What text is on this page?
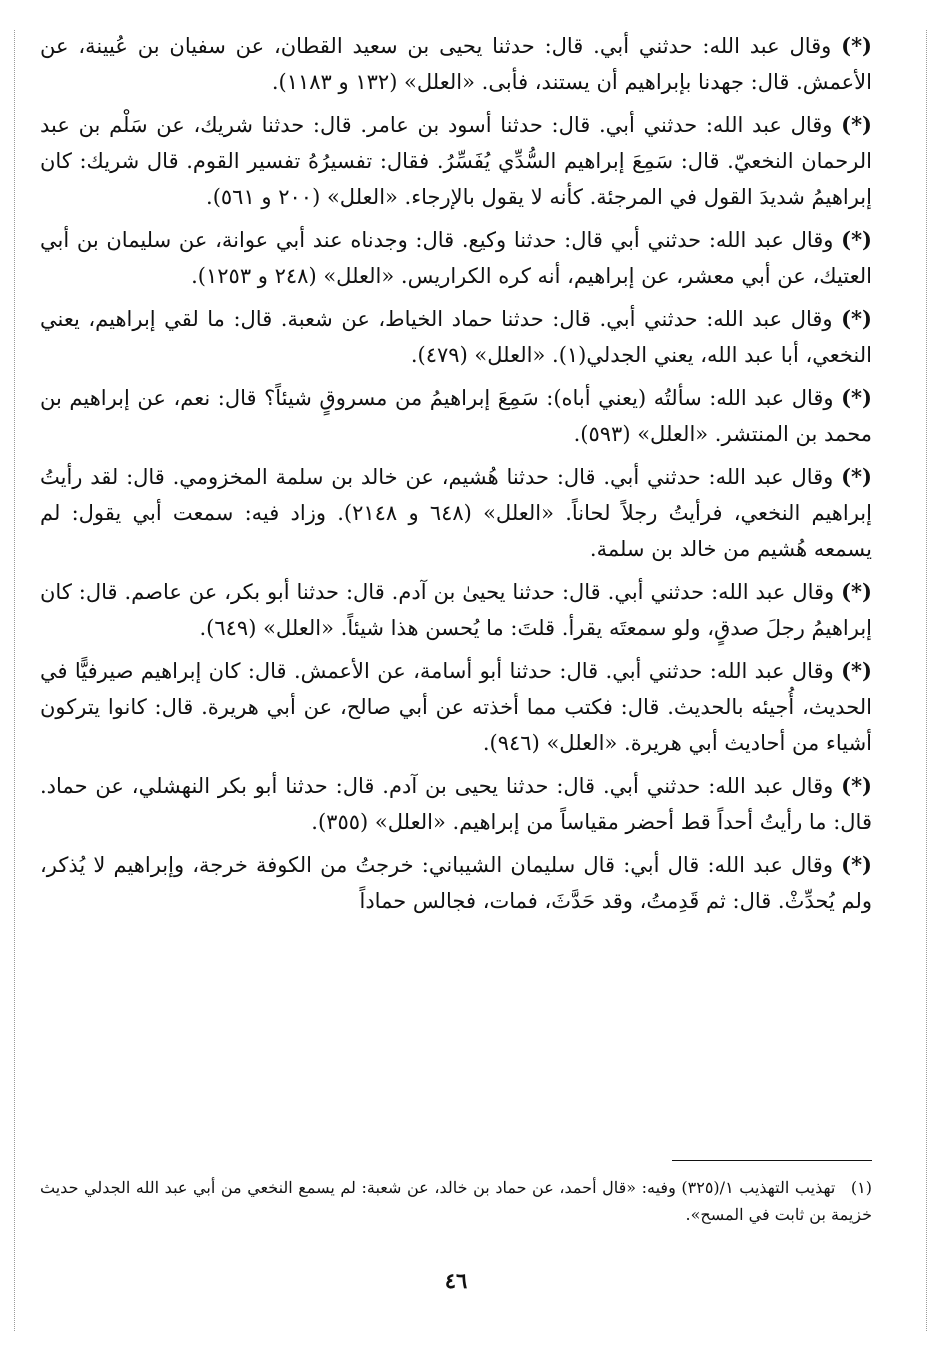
(*) وقال عبد الله: حدثني أبي. قال: حدثنا يحيى بن سعيد القطان، عن سفيان بن عُيينة، عن الأعمش. قال: جهدنا بإبراهيم أن يستند، فأبى. «العلل» (١٣٢ و ١١٨٣).

(*) وقال عبد الله: حدثني أبي. قال: حدثنا أسود بن عامر. قال: حدثنا شريك، عن سَلْم بن عبد الرحمان النخعيّ. قال: سَمِعَ إبراهيم السُّدِّي يُفَسِّرُ. فقال: تفسيرُهُ تفسير القوم. قال شريك: كان إبراهيمُ شديدَ القول في المرجئة. كأنه لا يقول بالإرجاء. «العلل» (٢٠٠ و ٥٦١).

(*) وقال عبد الله: حدثني أبي قال: حدثنا وكيع. قال: وجدناه عند أبي عوانة، عن سليمان بن أبي العتيك، عن أبي معشر، عن إبراهيم، أنه كره الكراريس. «العلل» (٢٤٨ و ١٢٥٣).

(*) وقال عبد الله: حدثني أبي. قال: حدثنا حماد الخياط، عن شعبة. قال: ما لقي إبراهيم، يعني النخعي، أبا عبد الله، يعني الجدلي(١). «العلل» (٤٧٩).

(*) وقال عبد الله: سألتُه (يعني أباه): سَمِعَ إبراهيمُ من مسروقٍ شيئاً؟ قال: نعم، عن إبراهيم بن محمد بن المنتشر. «العلل» (٥٩٣).

(*) وقال عبد الله: حدثني أبي. قال: حدثنا هُشيم، عن خالد بن سلمة المخزومي. قال: لقد رأيتُ إبراهيم النخعي، فرأيتُ رجلاً لحاناً. «العلل» (٦٤٨ و ٢١٤٨). وزاد فيه: سمعت أبي يقول: لم يسمعه هُشيم من خالد بن سلمة.

(*) وقال عبد الله: حدثني أبي. قال: حدثنا يحيىٰ بن آدم. قال: حدثنا أبو بكر، عن عاصم. قال: كان إبراهيمُ رجلَ صدقٍ، ولو سمعتَه يقرأ. قلتَ: ما يُحسن هذا شيئاً. «العلل» (٦٤٩).

(*) وقال عبد الله: حدثني أبي. قال: حدثنا أبو أسامة، عن الأعمش. قال: كان إبراهيم صيرفيًّا في الحديث، أُجيئه بالحديث. قال: فكتب مما أخذته عن أبي صالح، عن أبي هريرة. قال: كانوا يتركون أشياء من أحاديث أبي هريرة. «العلل» (٩٤٦).

(*) وقال عبد الله: حدثني أبي. قال: حدثنا يحيى بن آدم. قال: حدثنا أبو بكر النهشلي، عن حماد. قال: ما رأيتُ أحداً قط أحضر مقياساً من إبراهيم. «العلل» (٣٥٥).

(*) وقال عبد الله: قال أبي: قال سليمان الشيباني: خرجتُ من الكوفة خرجة، وإبراهيم لا يُذكر، ولم يُحدِّثْ. قال: ثم قَدِمتُ، وقد حَدَّثَ، فمات، فجالس حماداً

(١) تهذيب التهذيب ١/(٣٢٥) وفيه: «قال أحمد، عن حماد بن خالد، عن شعبة: لم يسمع النخعي من أبي عبد الله الجدلي حديث خزيمة بن ثابت في المسح».
٤٦
